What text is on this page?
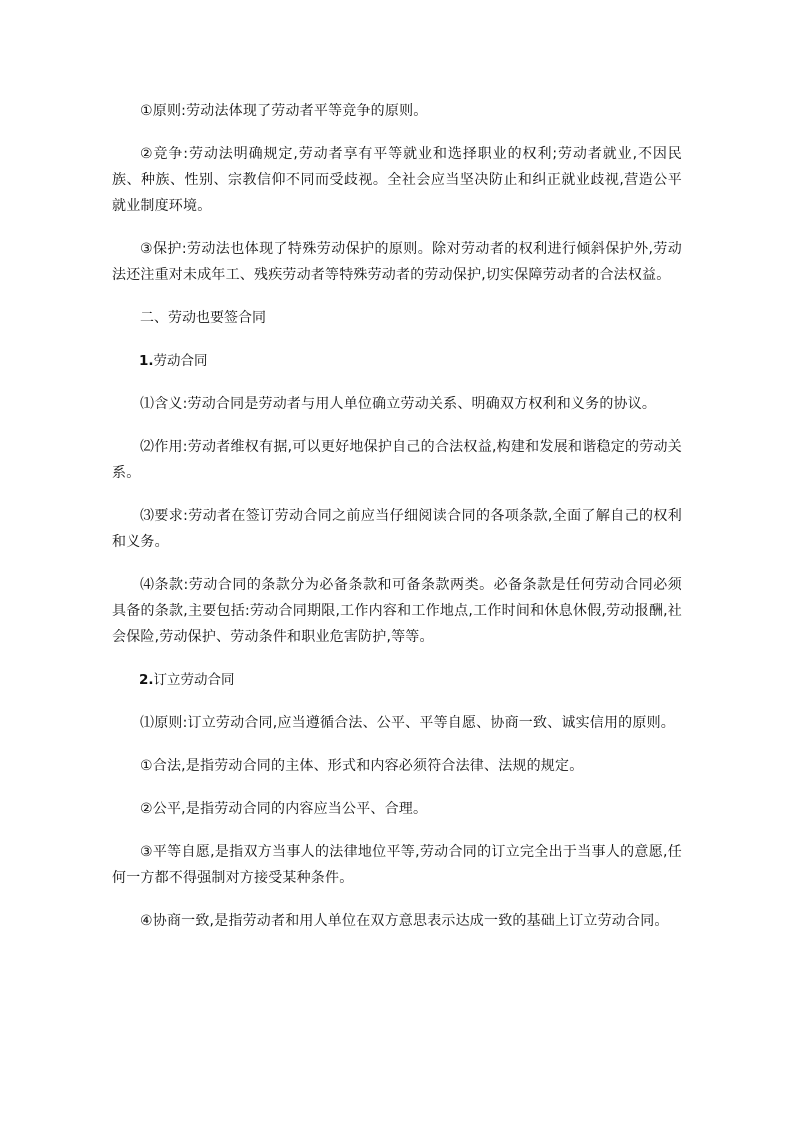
①原则:劳动法体现了劳动者平等竞争的原则。

②竞争:劳动法明确规定,劳动者享有平等就业和选择职业的权利;劳动者就业,不因民族、种族、性别、宗教信仰不同而受歧视。全社会应当坚决防止和纠正就业歧视,营造公平就业制度环境。

③保护:劳动法也体现了特殊劳动保护的原则。除对劳动者的权利进行倾斜保护外,劳动法还注重对未成年工、残疾劳动者等特殊劳动者的劳动保护,切实保障劳动者的合法权益。

二、劳动也要签合同

1.劳动合同

⑴含义:劳动合同是劳动者与用人单位确立劳动关系、明确双方权利和义务的协议。

⑵作用:劳动者维权有据,可以更好地保护自己的合法权益,构建和发展和谐稳定的劳动关系。

⑶要求:劳动者在签订劳动合同之前应当仔细阅读合同的各项条款,全面了解自己的权利和义务。

⑷条款:劳动合同的条款分为必备条款和可备条款两类。必备条款是任何劳动合同必须具备的条款,主要包括:劳动合同期限,工作内容和工作地点,工作时间和休息休假,劳动报酬,社会保险,劳动保护、劳动条件和职业危害防护,等等。

2.订立劳动合同

⑴原则:订立劳动合同,应当遵循合法、公平、平等自愿、协商一致、诚实信用的原则。

①合法,是指劳动合同的主体、形式和内容必须符合法律、法规的规定。

②公平,是指劳动合同的内容应当公平、合理。

③平等自愿,是指双方当事人的法律地位平等,劳动合同的订立完全出于当事人的意愿,任何一方都不得强制对方接受某种条件。

④协商一致,是指劳动者和用人单位在双方意思表示达成一致的基础上订立劳动合同。
